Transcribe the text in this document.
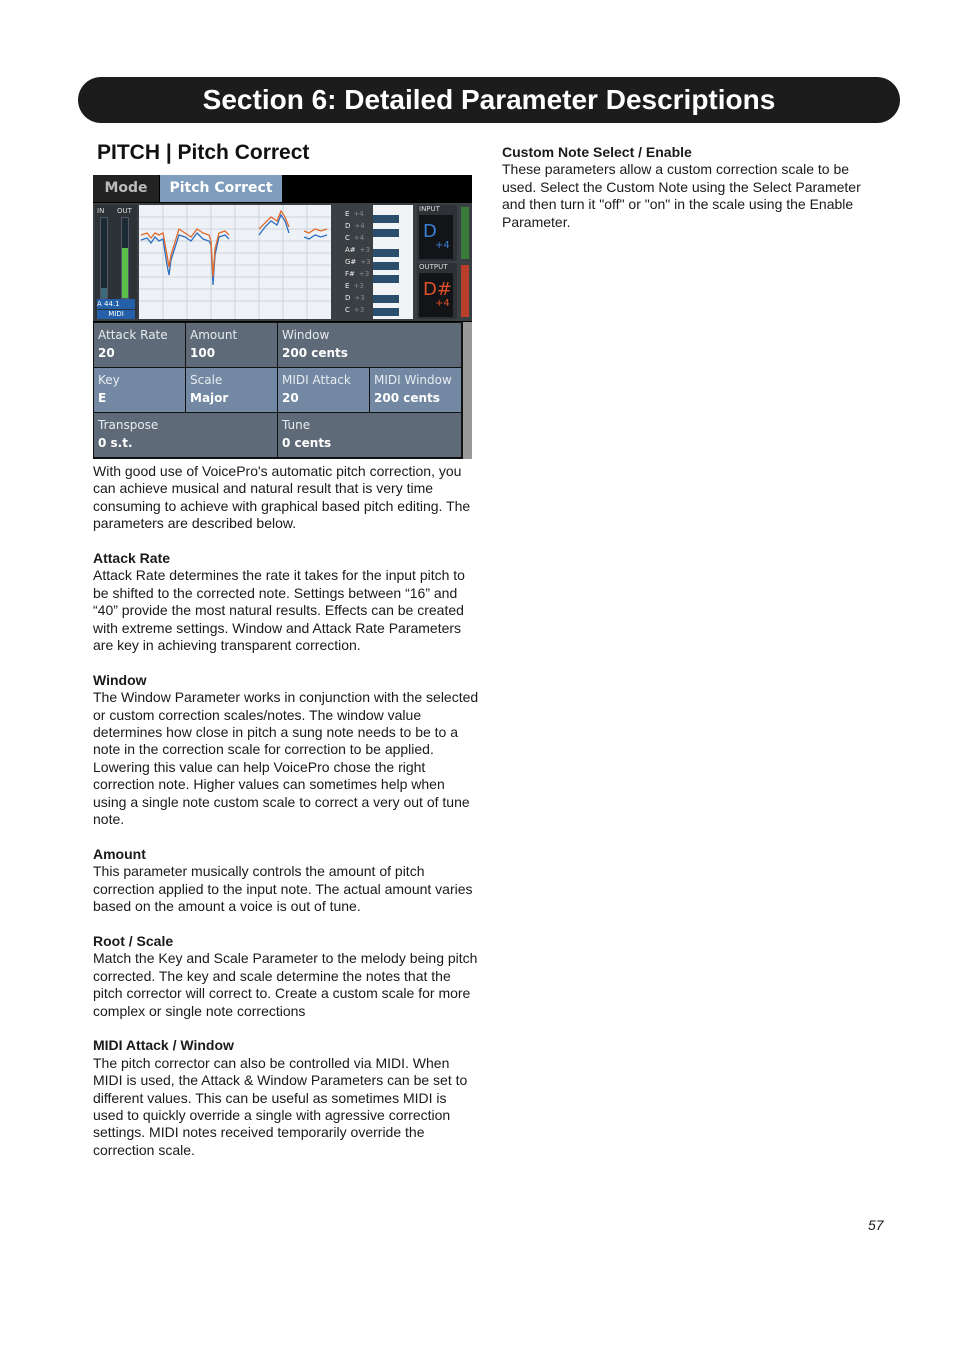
Section 6: Detailed Parameter Descriptions
PITCH | Pitch Correct
Mode	Pitch Correct
IN OUT
A 44.1
MIDI
E +4
D +4
C +4
A# +3
G# +3
F# +3
E +3
D +3
C +3
INPUT
D
+4
OUTPUT
D#
+4
Attack Rate
20
Amount
100
Window
200 cents
Key
E
Scale
Major
MIDI Attack
20
MIDI Window
200 cents
Transpose
0 s.t.
Tune
0 cents

With good use of VoicePro's automatic pitch correction, you can achieve musical and natural result that is very time consuming to achieve with graphical based pitch editing. The parameters are described below.

Attack Rate

Attack Rate determines the rate it takes for the input pitch to be shifted to the corrected note. Settings between “16” and “40” provide the most natural results. Effects can be created with extreme settings. Window and Attack Rate Parameters are key in achieving transparent correction.

Window

The Window Parameter works in conjunction with the selected or custom correction scales/notes. The window value determines how close in pitch a sung note needs to be to a note in the correction scale for correction to be applied. Lowering this value can help VoicePro chose the right correction note. Higher values can sometimes help when using a single note custom scale to correct a very out of tune note.

Amount

This parameter musically controls the amount of pitch correction applied to the input note. The actual amount varies based on the amount a voice is out of tune.

Root / Scale

Match the Key and Scale Parameter to the melody being pitch corrected. The key and scale determine the notes that the pitch corrector will correct to. Create a custom scale for more complex or single note corrections

MIDI Attack / Window

The pitch corrector can also be controlled via MIDI. When MIDI is used, the Attack & Window Parameters can be set to different values. This can be useful as sometimes MIDI is used to quickly override a single with agressive correction settings. MIDI notes received temporarily override the correction scale.

Custom Note Select / Enable

These parameters allow a custom correction scale to be used. Select the Custom Note using the Select Parameter and then turn it "off" or "on" in the scale using the Enable Parameter.

57
